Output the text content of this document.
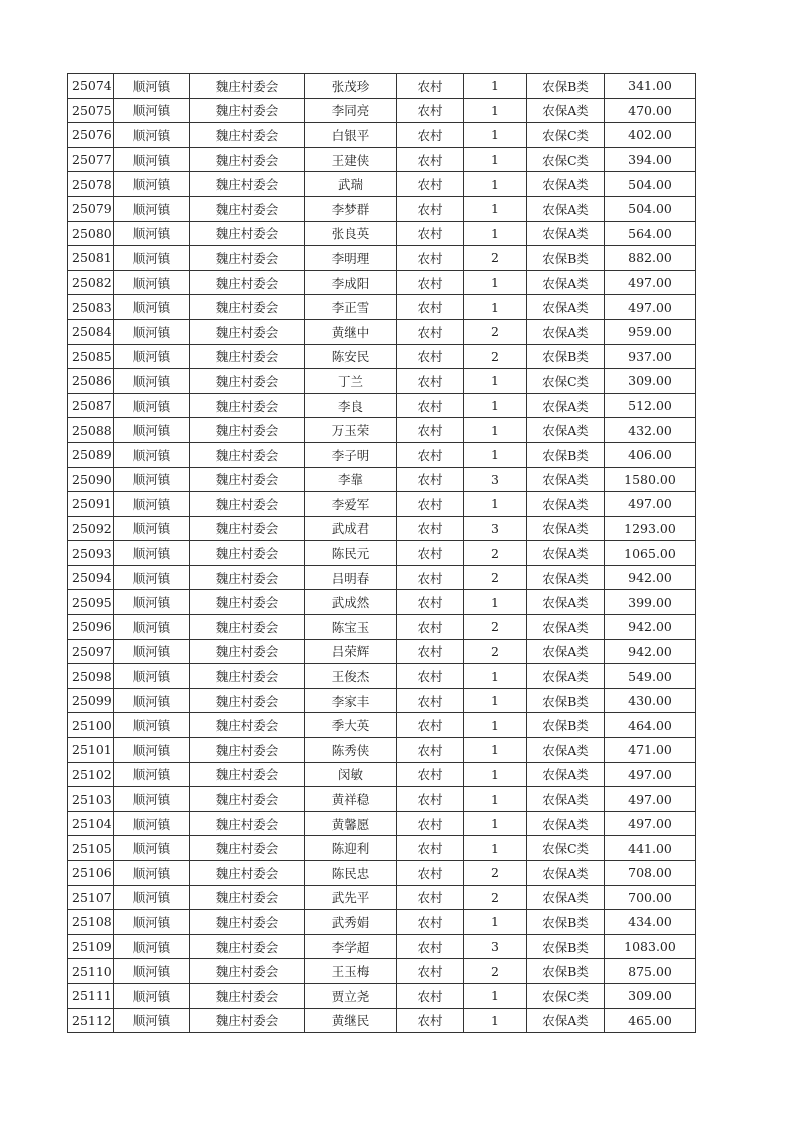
25074	顺河镇	魏庄村委会	张茂珍	农村	1	农保B类	341.00
25075	顺河镇	魏庄村委会	李同亮	农村	1	农保A类	470.00
25076	顺河镇	魏庄村委会	白银平	农村	1	农保C类	402.00
25077	顺河镇	魏庄村委会	王建侠	农村	1	农保C类	394.00
25078	顺河镇	魏庄村委会	武瑞	农村	1	农保A类	504.00
25079	顺河镇	魏庄村委会	李梦群	农村	1	农保A类	504.00
25080	顺河镇	魏庄村委会	张良英	农村	1	农保A类	564.00
25081	顺河镇	魏庄村委会	李明理	农村	2	农保B类	882.00
25082	顺河镇	魏庄村委会	李成阳	农村	1	农保A类	497.00
25083	顺河镇	魏庄村委会	李正雪	农村	1	农保A类	497.00
25084	顺河镇	魏庄村委会	黄继中	农村	2	农保A类	959.00
25085	顺河镇	魏庄村委会	陈安民	农村	2	农保B类	937.00
25086	顺河镇	魏庄村委会	丁兰	农村	1	农保C类	309.00
25087	顺河镇	魏庄村委会	李良	农村	1	农保A类	512.00
25088	顺河镇	魏庄村委会	万玉荣	农村	1	农保A类	432.00
25089	顺河镇	魏庄村委会	李子明	农村	1	农保B类	406.00
25090	顺河镇	魏庄村委会	李靠	农村	3	农保A类	1580.00
25091	顺河镇	魏庄村委会	李爱军	农村	1	农保A类	497.00
25092	顺河镇	魏庄村委会	武成君	农村	3	农保A类	1293.00
25093	顺河镇	魏庄村委会	陈民元	农村	2	农保A类	1065.00
25094	顺河镇	魏庄村委会	吕明春	农村	2	农保A类	942.00
25095	顺河镇	魏庄村委会	武成然	农村	1	农保A类	399.00
25096	顺河镇	魏庄村委会	陈宝玉	农村	2	农保A类	942.00
25097	顺河镇	魏庄村委会	吕荣辉	农村	2	农保A类	942.00
25098	顺河镇	魏庄村委会	王俊杰	农村	1	农保A类	549.00
25099	顺河镇	魏庄村委会	李家丰	农村	1	农保B类	430.00
25100	顺河镇	魏庄村委会	季大英	农村	1	农保B类	464.00
25101	顺河镇	魏庄村委会	陈秀侠	农村	1	农保A类	471.00
25102	顺河镇	魏庄村委会	闵敏	农村	1	农保A类	497.00
25103	顺河镇	魏庄村委会	黄祥稳	农村	1	农保A类	497.00
25104	顺河镇	魏庄村委会	黄馨愿	农村	1	农保A类	497.00
25105	顺河镇	魏庄村委会	陈迎利	农村	1	农保C类	441.00
25106	顺河镇	魏庄村委会	陈民忠	农村	2	农保A类	708.00
25107	顺河镇	魏庄村委会	武先平	农村	2	农保A类	700.00
25108	顺河镇	魏庄村委会	武秀娟	农村	1	农保B类	434.00
25109	顺河镇	魏庄村委会	李学超	农村	3	农保B类	1083.00
25110	顺河镇	魏庄村委会	王玉梅	农村	2	农保B类	875.00
25111	顺河镇	魏庄村委会	贾立尧	农村	1	农保C类	309.00
25112	顺河镇	魏庄村委会	黄继民	农村	1	农保A类	465.00
